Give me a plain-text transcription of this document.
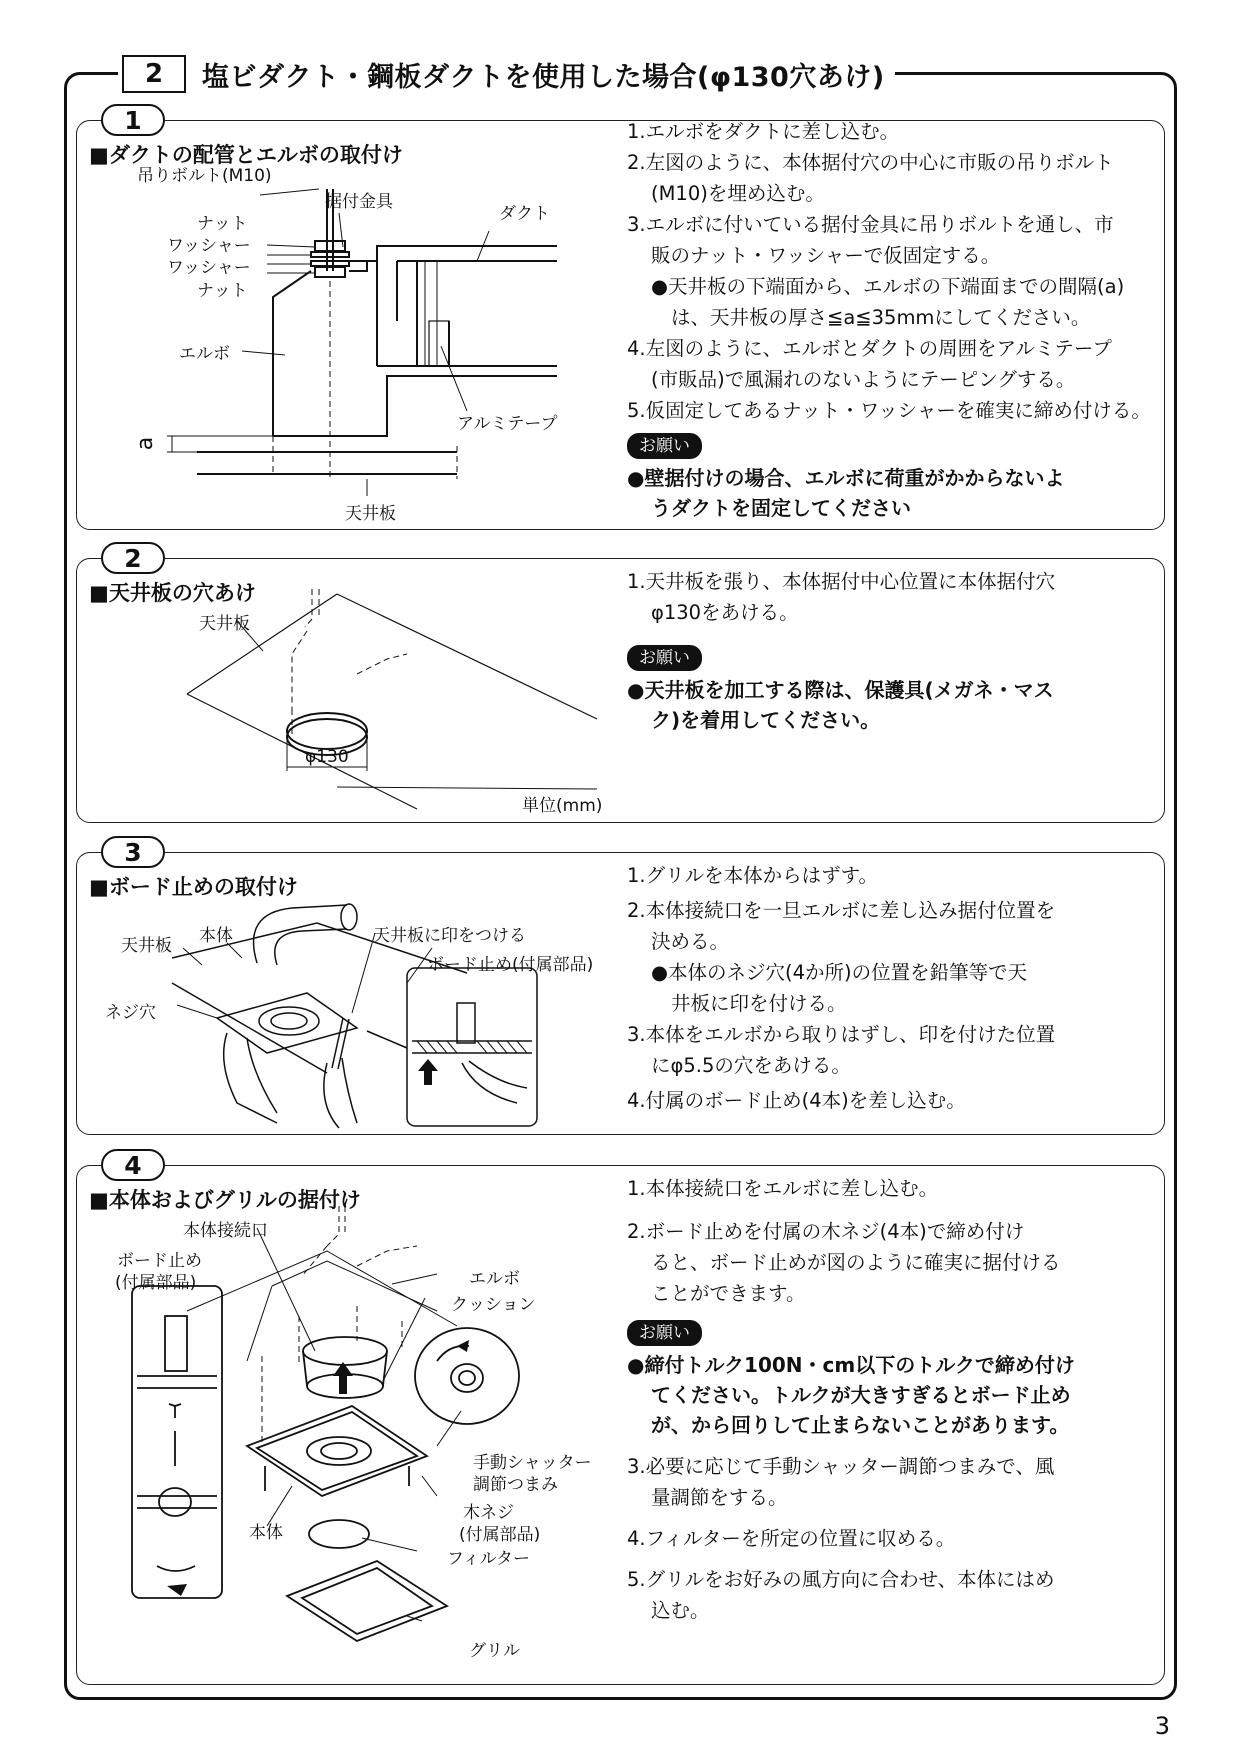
2	塩ビダクト・鋼板ダクトを使用した場合(φ130穴あけ)
1
■ダクトの配管とエルボの取付け
吊りボルト(M10)
据付金具
ダクト
ナット
ワッシャー
ワッシャー
ナット
エルボ
アルミテープ
a
天井板
1.エルボをダクトに差し込む。
2.左図のように、本体据付穴の中心に市販の吊りボルト
(M10)を埋め込む。
3.エルボに付いている据付金具に吊りボルトを通し、市
販のナット・ワッシャーで仮固定する。
●天井板の下端面から、エルボの下端面までの間隔(a)
は、天井板の厚さ≦a≦35mmにしてください。
4.左図のように、エルボとダクトの周囲をアルミテープ
(市販品)で風漏れのないようにテーピングする。
5.仮固定してあるナット・ワッシャーを確実に締め付ける。
お願い
●壁据付けの場合、エルボに荷重がかからないよ
うダクトを固定してください
2
■天井板の穴あけ
天井板
φ130
単位(mm)
1.天井板を張り、本体据付中心位置に本体据付穴
φ130をあける。
お願い
●天井板を加工する際は、保護具(メガネ・マス
ク)を着用してください。
3
■ボード止めの取付け
天井板 本体	天井板に印をつける
ボード止め(付属部品)
ネジ穴
1.グリルを本体からはずす。
2.本体接続口を一旦エルボに差し込み据付位置を
決める。
●本体のネジ穴(4か所)の位置を鉛筆等で天
井板に印を付ける。
3.本体をエルボから取りはずし、印を付けた位置
にφ5.5の穴をあける。
4.付属のボード止め(4本)を差し込む。
4
■本体およびグリルの据付け
本体接続口
ボード止め
(付属部品)	エルボ
クッション
手動シャッター
調節つまみ
本体
木ネジ
(付属部品)
フィルター
グリル
1.本体接続口をエルボに差し込む。
2.ボード止めを付属の木ネジ(4本)で締め付け
ると、ボード止めが図のように確実に据付ける
ことができます。
お願い
●締付トルク100N・cm以下のトルクで締め付け
てください。トルクが大きすぎるとボード止め
が、から回りして止まらないことがあります。
3.必要に応じて手動シャッター調節つまみで、風
量調節をする。
4.フィルターを所定の位置に収める。
5.グリルをお好みの風方向に合わせ、本体にはめ
込む。
3
